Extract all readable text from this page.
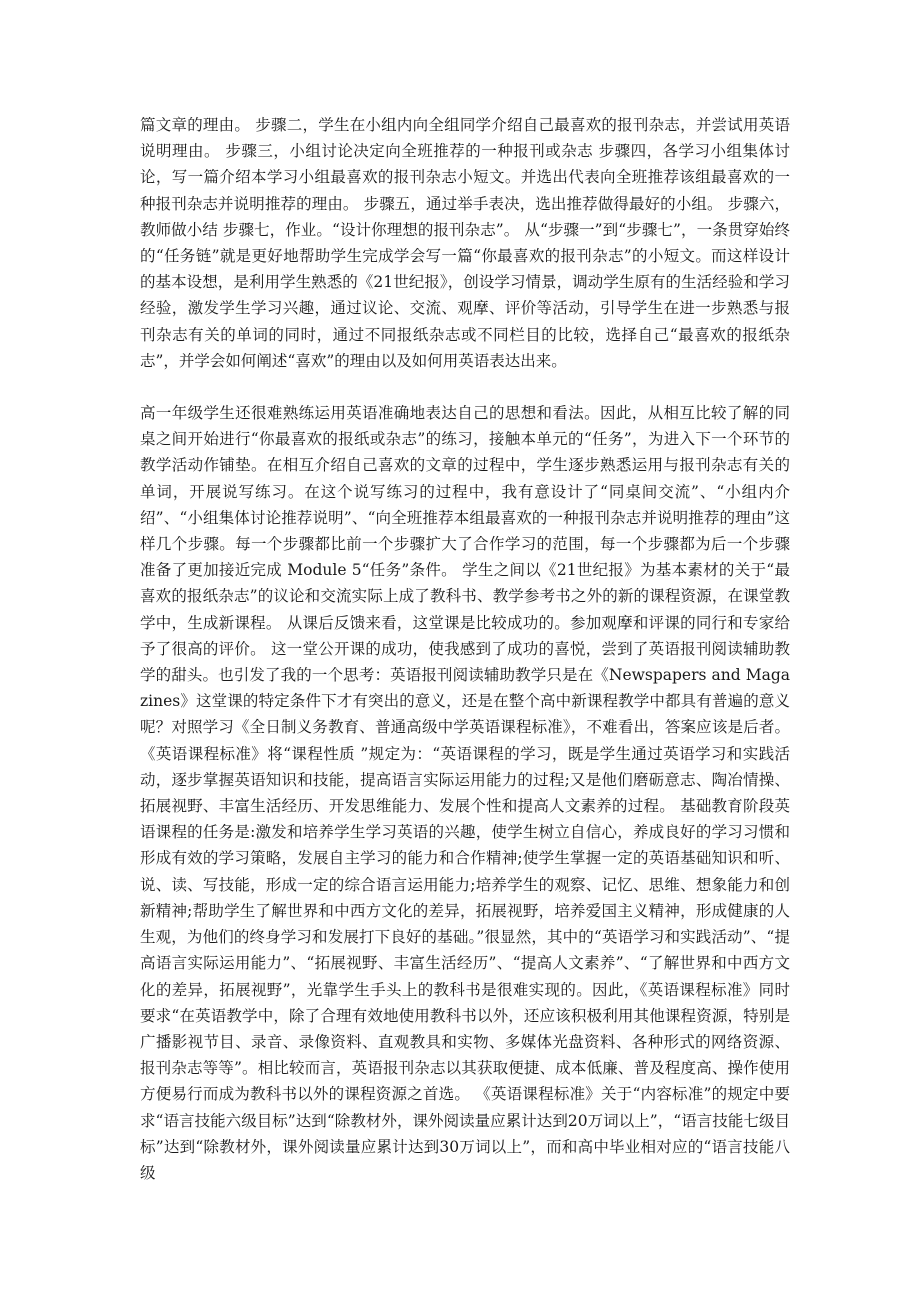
篇文章的理由。 步骤二，学生在小组内向全组同学介绍自己最喜欢的报刊杂志，并尝试用英语说明理由。 步骤三，小组讨论决定向全班推荐的一种报刊或杂志 步骤四，各学习小组集体讨论，写一篇介绍本学习小组最喜欢的报刊杂志小短文。并选出代表向全班推荐该组最喜欢的一种报刊杂志并说明推荐的理由。 步骤五，通过举手表决，选出推荐做得最好的小组。 步骤六，教师做小结 步骤七，作业。“设计你理想的报刊杂志”。 从“步骤一”到“步骤七”，一条贯穿始终的“任务链”就是更好地帮助学生完成学会写一篇“你最喜欢的报刊杂志”的小短文。而这样设计的基本设想，是利用学生熟悉的《21世纪报》，创设学习情景，调动学生原有的生活经验和学习经验，激发学生学习兴趣，通过议论、交流、观摩、评价等活动，引导学生在进一步熟悉与报刊杂志有关的单词的同时，通过不同报纸杂志或不同栏目的比较，选择自己“最喜欢的报纸杂志”，并学会如何阐述“喜欢”的理由以及如何用英语表达出来。

高一年级学生还很难熟练运用英语准确地表达自己的思想和看法。因此，从相互比较了解的同桌之间开始进行“你最喜欢的报纸或杂志”的练习，接触本单元的“任务”，为进入下一个环节的教学活动作铺垫。在相互介绍自己喜欢的文章的过程中，学生逐步熟悉运用与报刊杂志有关的单词，开展说写练习。在这个说写练习的过程中，我有意设计了“同桌间交流”、“小组内介绍”、“小组集体讨论推荐说明”、“向全班推荐本组最喜欢的一种报刊杂志并说明推荐的理由”这样几个步骤。每一个步骤都比前一个步骤扩大了合作学习的范围，每一个步骤都为后一个步骤准备了更加接近完成 Module 5“任务”条件。 学生之间以《21世纪报》为基本素材的关于“最喜欢的报纸杂志”的议论和交流实际上成了教科书、教学参考书之外的新的课程资源，在课堂教学中，生成新课程。 从课后反馈来看，这堂课是比较成功的。参加观摩和评课的同行和专家给予了很高的评价。 这一堂公开课的成功，使我感到了成功的喜悦，尝到了英语报刊阅读辅助教学的甜头。也引发了我的一个思考：英语报刊阅读辅助教学只是在《Newspapers and Magazines》这堂课的特定条件下才有突出的意义，还是在整个高中新课程教学中都具有普遍的意义呢？对照学习《全日制义务教育、普通高级中学英语课程标准》，不难看出，答案应该是后者。 《英语课程标准》将“课程性质 ”规定为：“英语课程的学习，既是学生通过英语学习和实践活动，逐步掌握英语知识和技能，提高语言实际运用能力的过程;又是他们磨砺意志、陶冶情操、拓展视野、丰富生活经历、开发思维能力、发展个性和提高人文素养的过程。 基础教育阶段英语课程的任务是:激发和培养学生学习英语的兴趣，使学生树立自信心，养成良好的学习习惯和形成有效的学习策略，发展自主学习的能力和合作精神;使学生掌握一定的英语基础知识和听、说、读、写技能，形成一定的综合语言运用能力;培养学生的观察、记忆、思维、想象能力和创新精神;帮助学生了解世界和中西方文化的差异，拓展视野，培养爱国主义精神，形成健康的人生观，为他们的终身学习和发展打下良好的基础。”很显然，其中的“英语学习和实践活动”、“提高语言实际运用能力”、“拓展视野、丰富生活经历”、“提高人文素养”、“了解世界和中西方文化的差异，拓展视野”，光靠学生手头上的教科书是很难实现的。因此，《英语课程标准》同时要求“在英语教学中，除了合理有效地使用教科书以外，还应该积极利用其他课程资源，特别是广播影视节目、录音、录像资料、直观教具和实物、多媒体光盘资料、各种形式的网络资源、报刊杂志等等”。相比较而言，英语报刊杂志以其获取便捷、成本低廉、普及程度高、操作使用方便易行而成为教科书以外的课程资源之首选。 《英语课程标准》关于“内容标准”的规定中要求“语言技能六级目标”达到“除教材外，课外阅读量应累计达到20万词以上”，“语言技能七级目标”达到“除教材外，课外阅读量应累计达到30万词以上”，而和高中毕业相对应的“语言技能八级
